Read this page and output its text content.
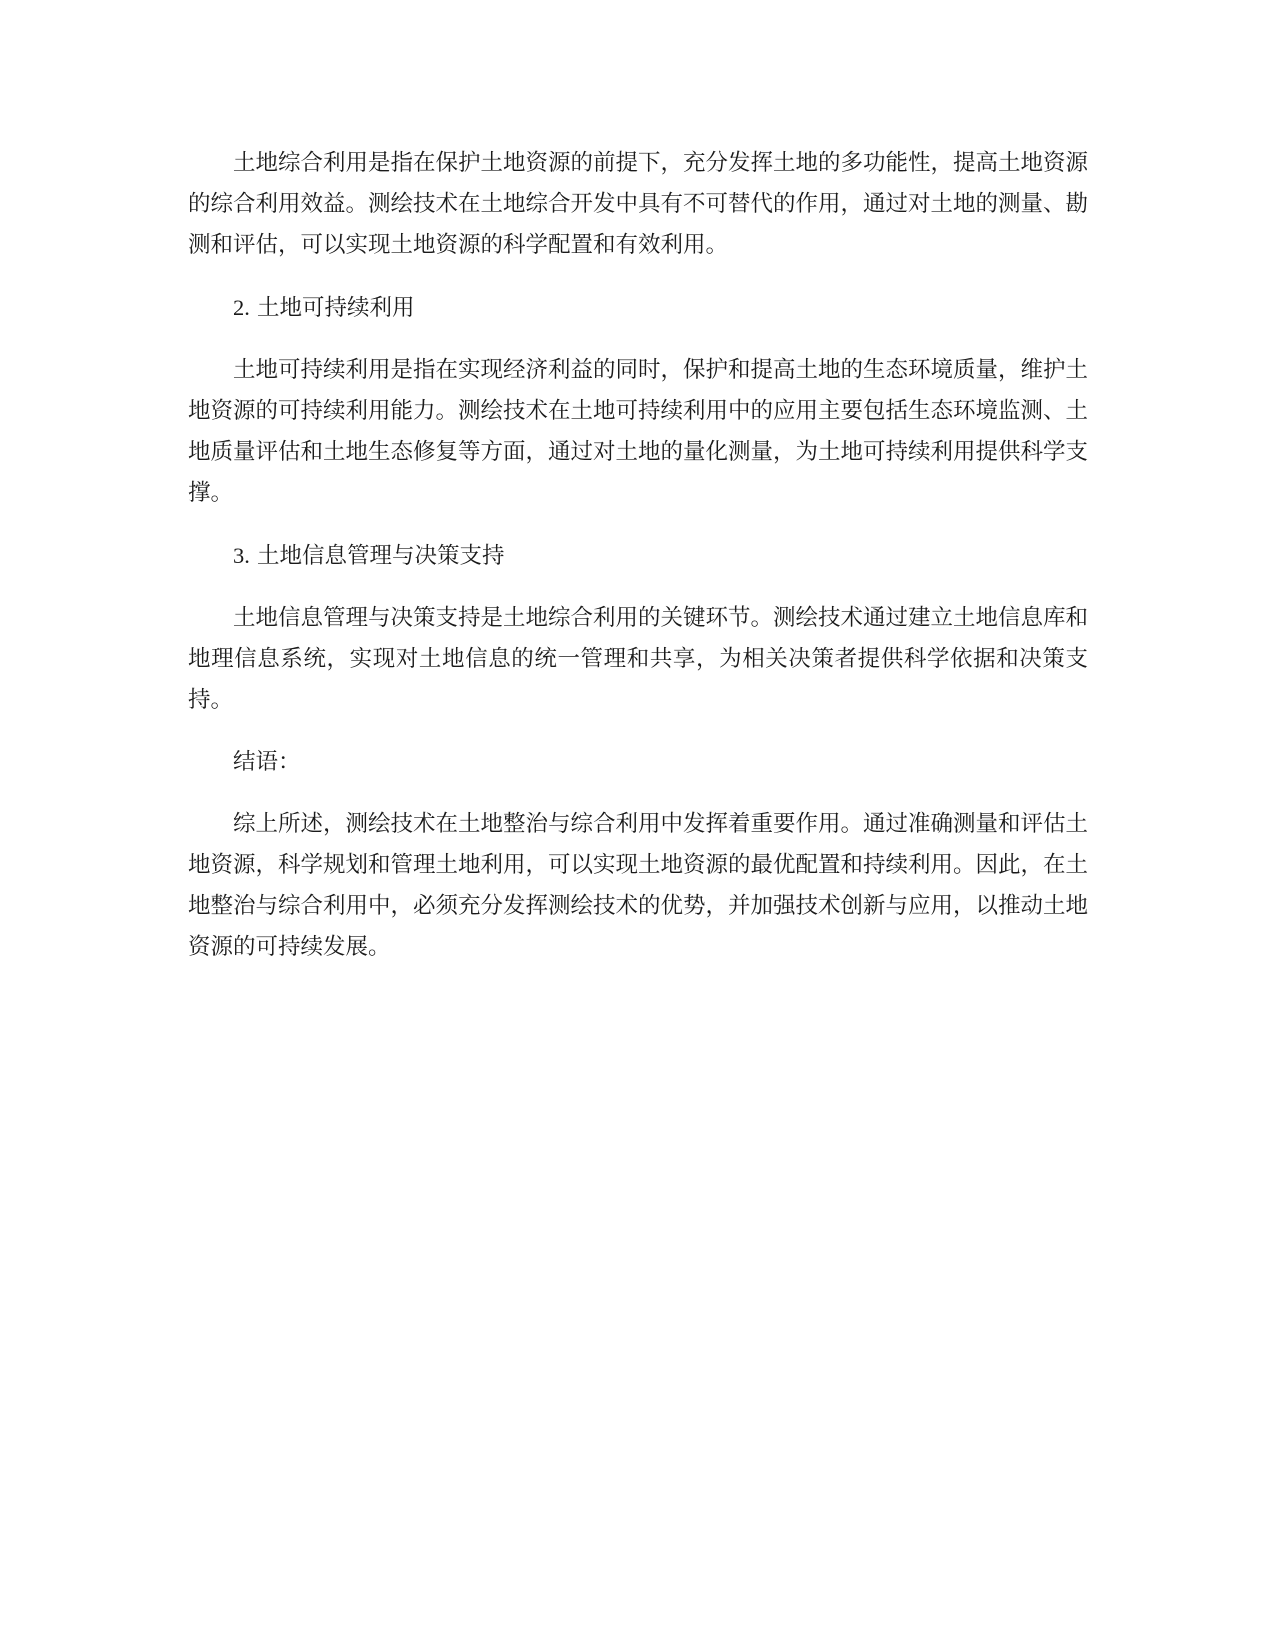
土地综合利用是指在保护土地资源的前提下，充分发挥土地的多功能性，提高土地资源的综合利用效益。测绘技术在土地综合开发中具有不可替代的作用，通过对土地的测量、勘测和评估，可以实现土地资源的科学配置和有效利用。

2. 土地可持续利用

土地可持续利用是指在实现经济利益的同时，保护和提高土地的生态环境质量，维护土地资源的可持续利用能力。测绘技术在土地可持续利用中的应用主要包括生态环境监测、土地质量评估和土地生态修复等方面，通过对土地的量化测量，为土地可持续利用提供科学支撑。

3. 土地信息管理与决策支持

土地信息管理与决策支持是土地综合利用的关键环节。测绘技术通过建立土地信息库和地理信息系统，实现对土地信息的统一管理和共享，为相关决策者提供科学依据和决策支持。

结语：

综上所述，测绘技术在土地整治与综合利用中发挥着重要作用。通过准确测量和评估土地资源，科学规划和管理土地利用，可以实现土地资源的最优配置和持续利用。因此，在土地整治与综合利用中，必须充分发挥测绘技术的优势，并加强技术创新与应用，以推动土地资源的可持续发展。
